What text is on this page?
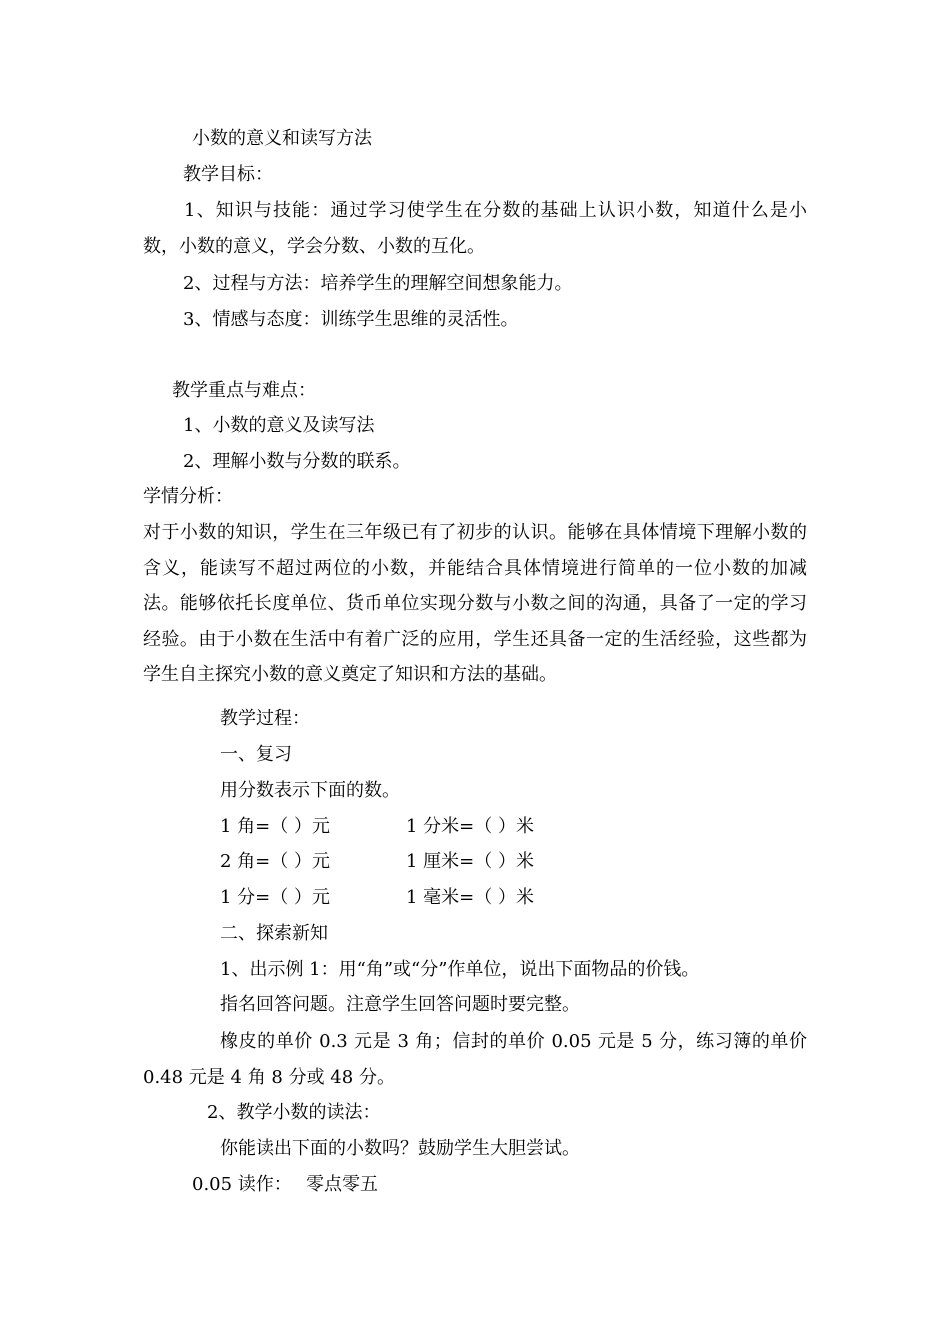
小数的意义和读写方法
教学目标：
1、知识与技能：通过学习使学生在分数的基础上认识小数，知道什么是小数，小数的意义，学会分数、小数的互化。
2、过程与方法：培养学生的理解空间想象能力。
3、情感与态度：训练学生思维的灵活性。
教学重点与难点：
1、小数的意义及读写法
2、理解小数与分数的联系。
学情分析：
对于小数的知识，学生在三年级已有了初步的认识。能够在具体情境下理解小数的含义，能读写不超过两位的小数，并能结合具体情境进行简单的一位小数的加减法。能够依托长度单位、货币单位实现分数与小数之间的沟通，具备了一定的学习经验。由于小数在生活中有着广泛的应用，学生还具备一定的生活经验，这些都为学生自主探究小数的意义奠定了知识和方法的基础。
教学过程：
一、复习
用分数表示下面的数。
1 角=（ ）元	1 分米=（ ）米
2 角=（ ）元	1 厘米=（ ）米
1 分=（ ）元	1 毫米=（ ）米
二、探索新知
1、出示例 1：用“角”或“分”作单位，说出下面物品的价钱。
指名回答问题。注意学生回答问题时要完整。
橡皮的单价 0.3 元是 3 角；信封的单价 0.05 元是 5 分，练习簿的单价 0.48 元是 4 角 8 分或 48 分。
2、教学小数的读法：
你能读出下面的小数吗？鼓励学生大胆尝试。
0.05 读作： 零点零五
